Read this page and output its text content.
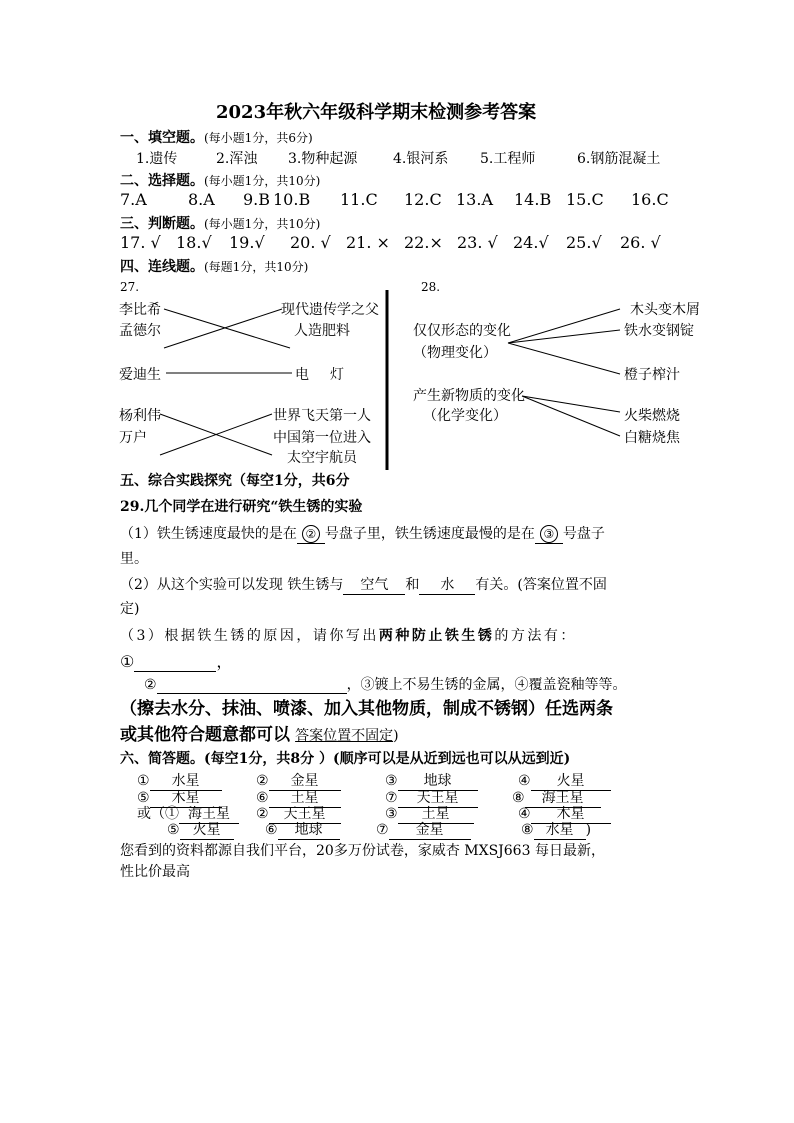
2023年秋六年级科学期末检测参考答案
一、填空题。(每小题1分，共6分)
1.遗传	2.浑浊 3.物种起源	4.银河系 5.工程师	6.钢筋混凝土
二、选择题。(每小题1分，共10分)
7.A	8.A 9.B 10.B 11.C 12.C 13.A 14.B 15.C 16.C
三、判断题。(每小题1分，共10分)
17. √ 18.√ 19.√ 20. √ 21. × 22.× 23. √ 24.√ 25.√ 26. √
四、连线题。(每题1分，共10分)
27.
李比希
孟德尔
爱迪生
杨利伟
万户
现代遗传学之父
人造肥料
电 灯
世界飞天第一人
中国第一位进入
太空宇航员
28.
仅仅形态的变化
（物理变化）
产生新物质的变化
（化学变化）
木头变木屑
铁水变钢锭
橙子榨汁
火柴燃烧
白糖烧焦
五、综合实践探究（每空1分，共6分
29.几个同学在进行研究“铁生锈的实验
（1）铁生锈速度最快的是在 ② 号盘子里，铁生锈速度最慢的是在 ③ 号盘子
里。
（2）从这个实验可以发现 铁生锈与 空气 和 水 有关。(答案位置不固
定)
（3）根据铁生锈的原因，请你写出两种防止铁生锈的方法有：
①	，
②	，③镀上不易生锈的金属，④覆盖瓷釉等等。
（擦去水分、抹油、喷漆、加入其他物质，制成不锈钢）任选两条
或其他符合题意都可以 答案位置不固定)
六、简答题。(每空1分，共8分 ）(顺序可以是从近到远也可以从远到近)
① 水星	② 金星	③ 地球	④ 火星
⑤ 木星	⑥ 土星	⑦ 天王星	⑧ 海王星
或（① 海王星	② 天王星	③ 土星	④ 木星
⑤ 火星	⑥ 地球	⑦ 金星	⑧ 水星 )
您看到的资料都源自我们平台，20多万份试卷，家威杏 MXSJ663 每日最新，
性比价最高
